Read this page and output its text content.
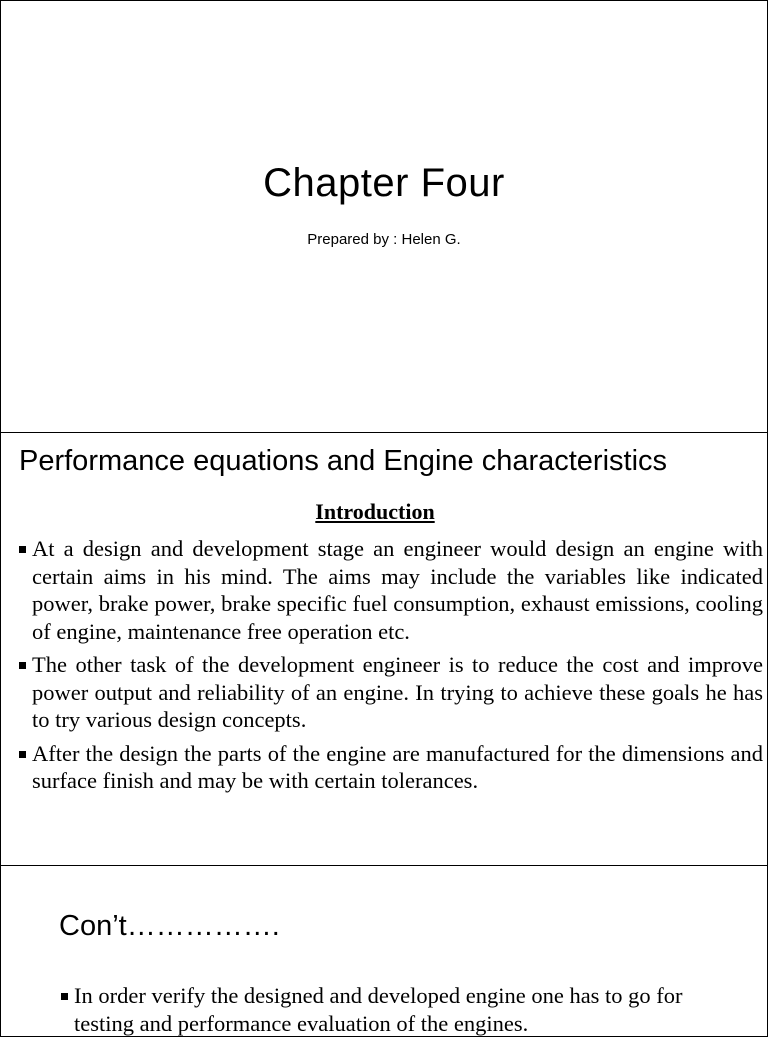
Chapter Four
Prepared by : Helen G.
Performance equations and Engine characteristics
Introduction
At a design and development stage an engineer would design an engine with certain aims in his mind. The aims may include the variables like indicated power, brake power, brake specific fuel consumption, exhaust emissions, cooling of engine, maintenance free operation etc.
The other task of the development engineer is to reduce the cost and improve power output and reliability of an engine. In trying to achieve these goals he has to try various design concepts.
After the design the parts of the engine are manufactured for the dimensions and surface finish and may be with certain tolerances.
Con’t…………….
In order verify the designed and developed engine one has to go for testing and performance evaluation of the engines.
